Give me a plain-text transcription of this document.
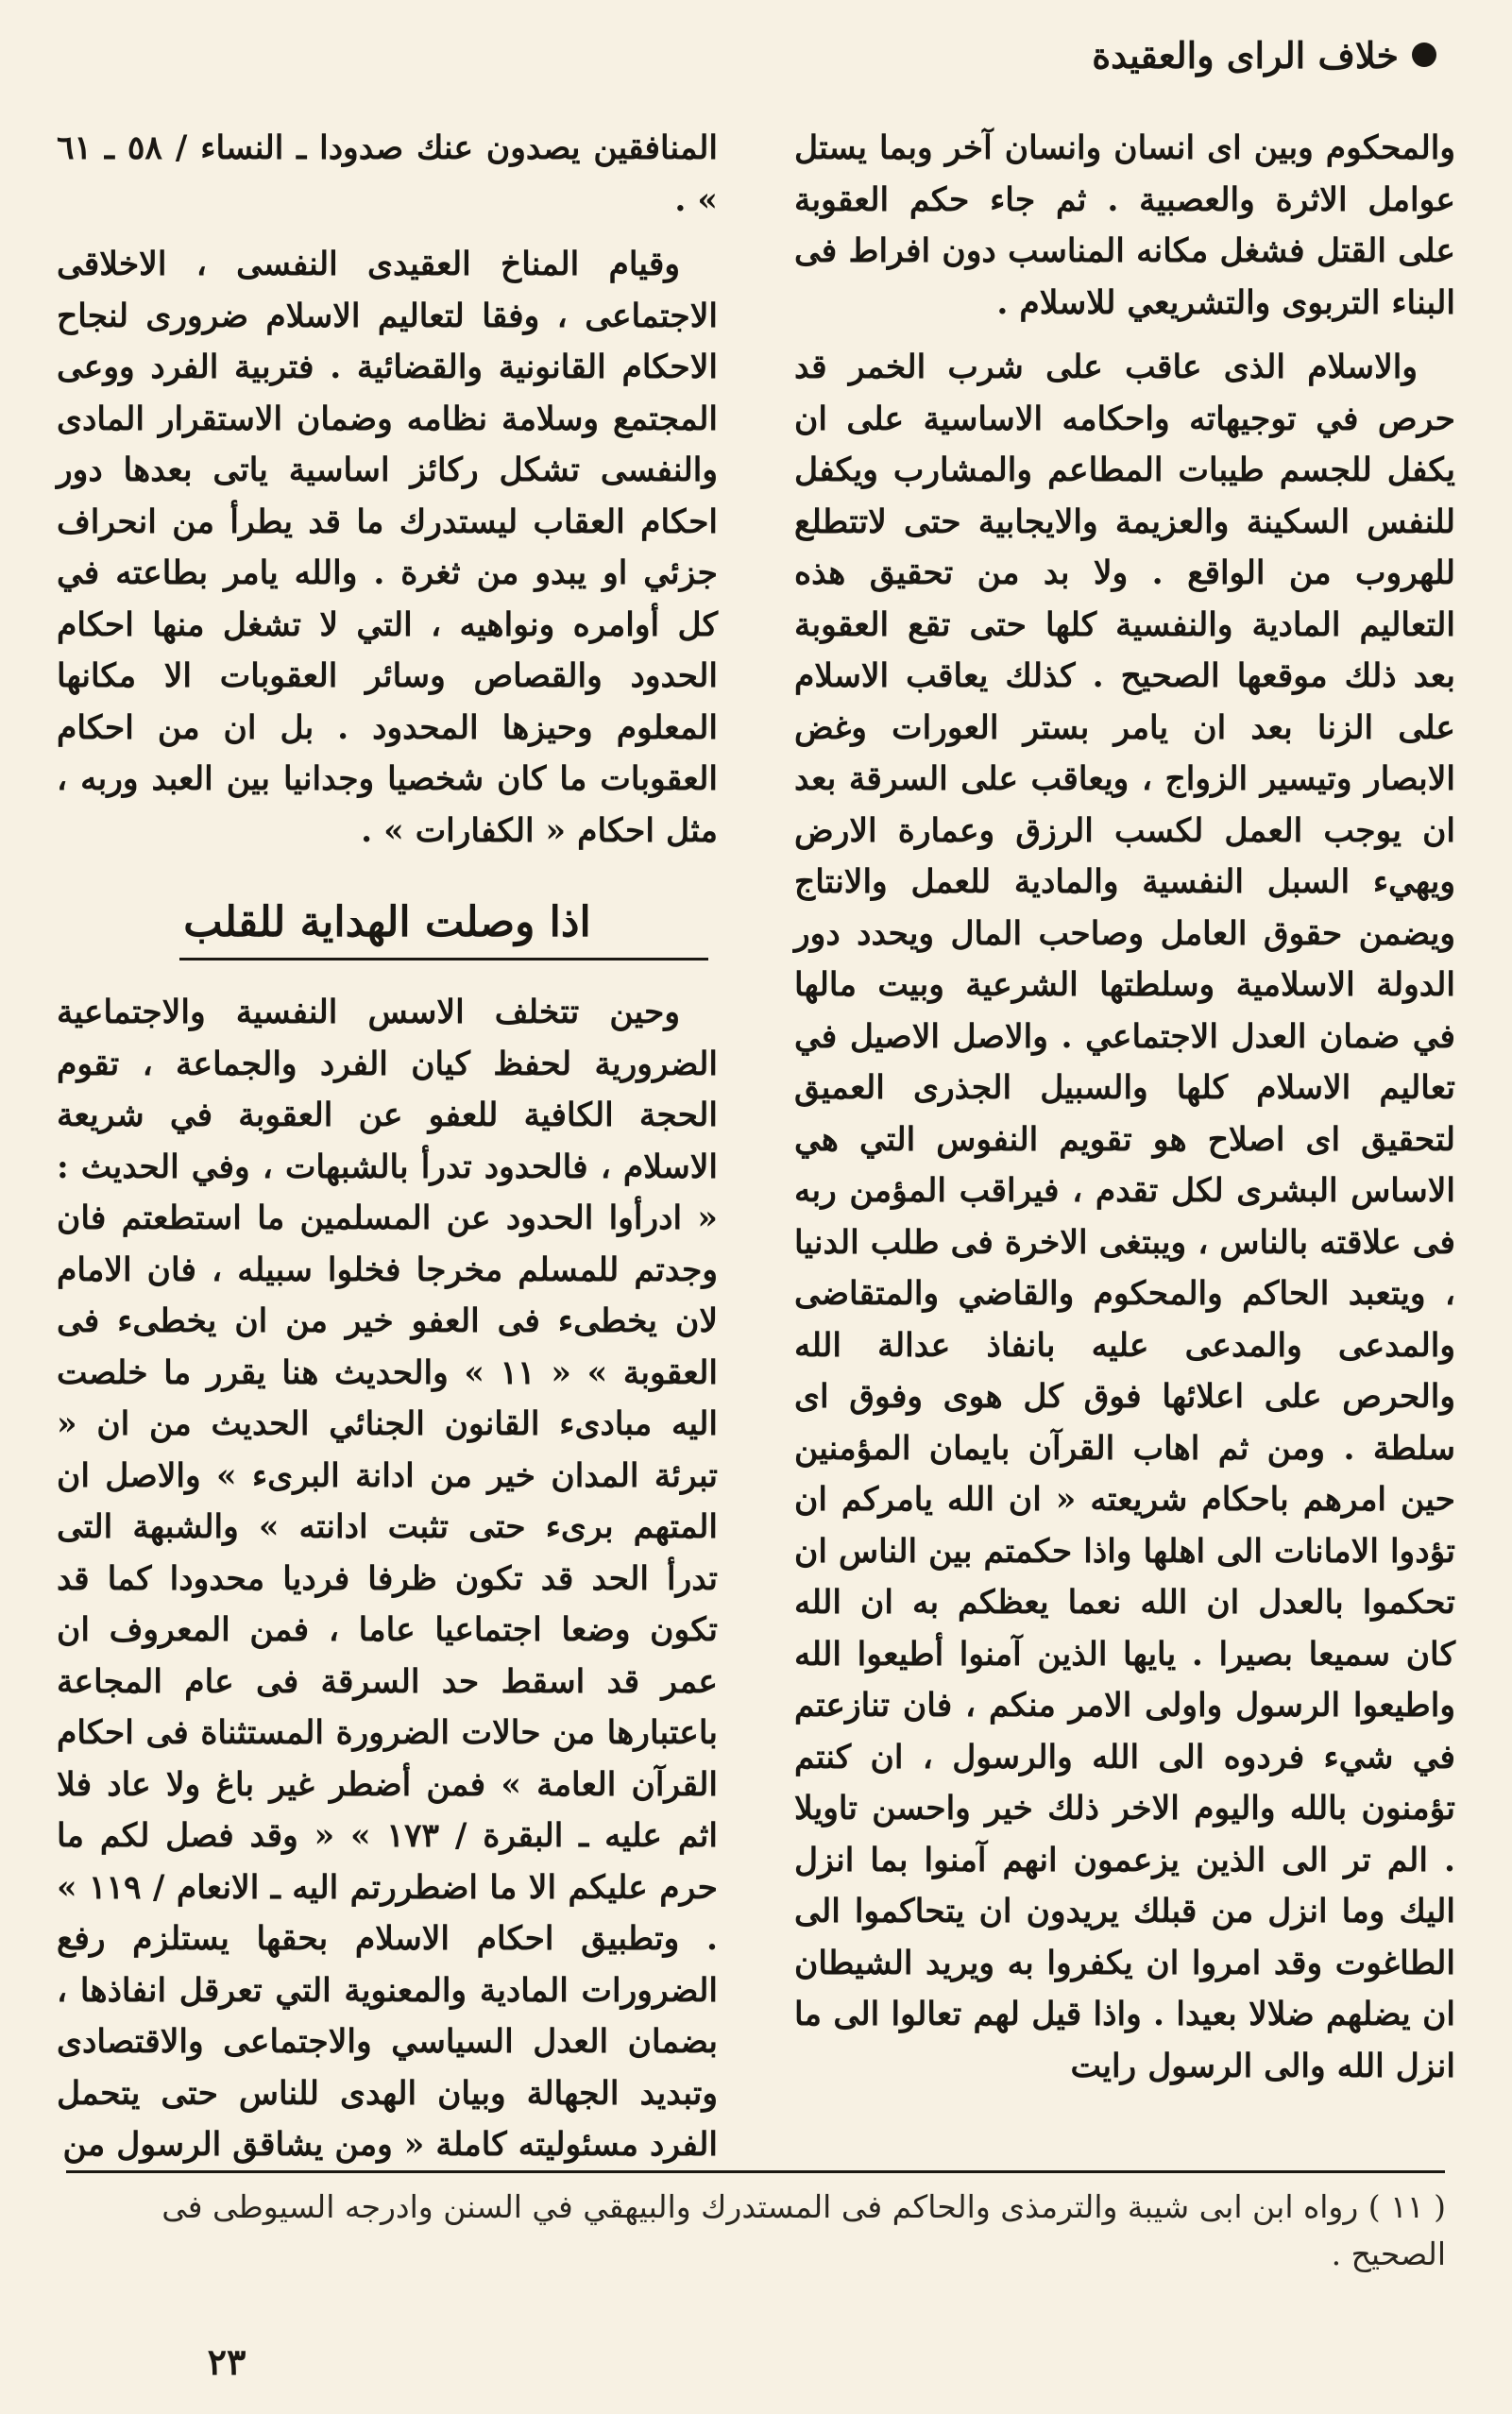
خلاف الراى والعقيدة

والمحكوم وبين اى انسان وانسان آخر وبما يستل عوامل الاثرة والعصبية . ثم جاء حكم العقوبة على القتل فشغل مكانه المناسب دون افراط فى البناء التربوى والتشريعي للاسلام .

والاسلام الذى عاقب على شرب الخمر قد حرص في توجيهاته واحكامه الاساسية على ان يكفل للجسم طيبات المطاعم والمشارب ويكفل للنفس السكينة والعزيمة والايجابية حتى لاتتطلع للهروب من الواقع . ولا بد من تحقيق هذه التعاليم المادية والنفسية كلها حتى تقع العقوبة بعد ذلك موقعها الصحيح . كذلك يعاقب الاسلام على الزنا بعد ان يامر بستر العورات وغض الابصار وتيسير الزواج ، ويعاقب على السرقة بعد ان يوجب العمل لكسب الرزق وعمارة الارض ويهيء السبل النفسية والمادية للعمل والانتاج ويضمن حقوق العامل وصاحب المال ويحدد دور الدولة الاسلامية وسلطتها الشرعية وبيت مالها في ضمان العدل الاجتماعي . والاصل الاصيل في تعاليم الاسلام كلها والسبيل الجذرى العميق لتحقيق اى اصلاح هو تقويم النفوس التي هي الاساس البشرى لكل تقدم ، فيراقب المؤمن ربه فى علاقته بالناس ، ويبتغى الاخرة فى طلب الدنيا ، ويتعبد الحاكم والمحكوم والقاضي والمتقاضى والمدعى والمدعى عليه بانفاذ عدالة الله والحرص على اعلائها فوق كل هوى وفوق اى سلطة . ومن ثم اهاب القرآن بايمان المؤمنين حين امرهم باحكام شريعته « ان الله يامركم ان تؤدوا الامانات الى اهلها واذا حكمتم بين الناس ان تحكموا بالعدل ان الله نعما يعظكم به ان الله كان سميعا بصيرا . يايها الذين آمنوا أطيعوا الله واطيعوا الرسول واولى الامر منكم ، فان تنازعتم في شيء فردوه الى الله والرسول ، ان كنتم تؤمنون بالله واليوم الاخر ذلك خير واحسن تاويلا . الم تر الى الذين يزعمون انهم آمنوا بما انزل اليك وما انزل من قبلك يريدون ان يتحاكموا الى الطاغوت وقد امروا ان يكفروا به ويريد الشيطان ان يضلهم ضلالا بعيدا . واذا قيل لهم تعالوا الى ما انزل الله والى الرسول رايت

المنافقين يصدون عنك صدودا ـ النساء / ٥٨ ـ ٦١ » .

وقيام المناخ العقيدى النفسى ، الاخلاقى الاجتماعى ، وفقا لتعاليم الاسلام ضرورى لنجاح الاحكام القانونية والقضائية . فتربية الفرد ووعى المجتمع وسلامة نظامه وضمان الاستقرار المادى والنفسى تشكل ركائز اساسية ياتى بعدها دور احكام العقاب ليستدرك ما قد يطرأ من انحراف جزئي او يبدو من ثغرة . والله يامر بطاعته في كل أوامره ونواهيه ، التي لا تشغل منها احكام الحدود والقصاص وسائر العقوبات الا مكانها المعلوم وحيزها المحدود . بل ان من احكام العقوبات ما كان شخصيا وجدانيا بين العبد وربه ، مثل احكام « الكفارات » .

اذا وصلت الهداية للقلب

وحين تتخلف الاسس النفسية والاجتماعية الضرورية لحفظ كيان الفرد والجماعة ، تقوم الحجة الكافية للعفو عن العقوبة في شريعة الاسلام ، فالحدود تدرأ بالشبهات ، وفي الحديث : « ادرأوا الحدود عن المسلمين ما استطعتم فان وجدتم للمسلم مخرجا فخلوا سبيله ، فان الامام لان يخطىء فى العفو خير من ان يخطىء فى العقوبة » « ١١ » والحديث هنا يقرر ما خلصت اليه مبادىء القانون الجنائي الحديث من ان « تبرئة المدان خير من ادانة البرىء » والاصل ان المتهم برىء حتى تثبت ادانته » والشبهة التى تدرأ الحد قد تكون ظرفا فرديا محدودا كما قد تكون وضعا اجتماعيا عاما ، فمن المعروف ان عمر قد اسقط حد السرقة فى عام المجاعة باعتبارها من حالات الضرورة المستثناة فى احكام القرآن العامة » فمن أضطر غير باغ ولا عاد فلا اثم عليه ـ البقرة / ١٧٣ » « وقد فصل لكم ما حرم عليكم الا ما اضطررتم اليه ـ الانعام / ١١٩ » . وتطبيق احكام الاسلام بحقها يستلزم رفع الضرورات المادية والمعنوية التي تعرقل انفاذها ، بضمان العدل السياسي والاجتماعى والاقتصادى وتبديد الجهالة وبيان الهدى للناس حتى يتحمل الفرد مسئوليته كاملة « ومن يشاقق الرسول من

( ١١ ) رواه ابن ابى شيبة والترمذى والحاكم فى المستدرك والبيهقي في السنن وادرجه السيوطى فى الصحيح .

٢٣
